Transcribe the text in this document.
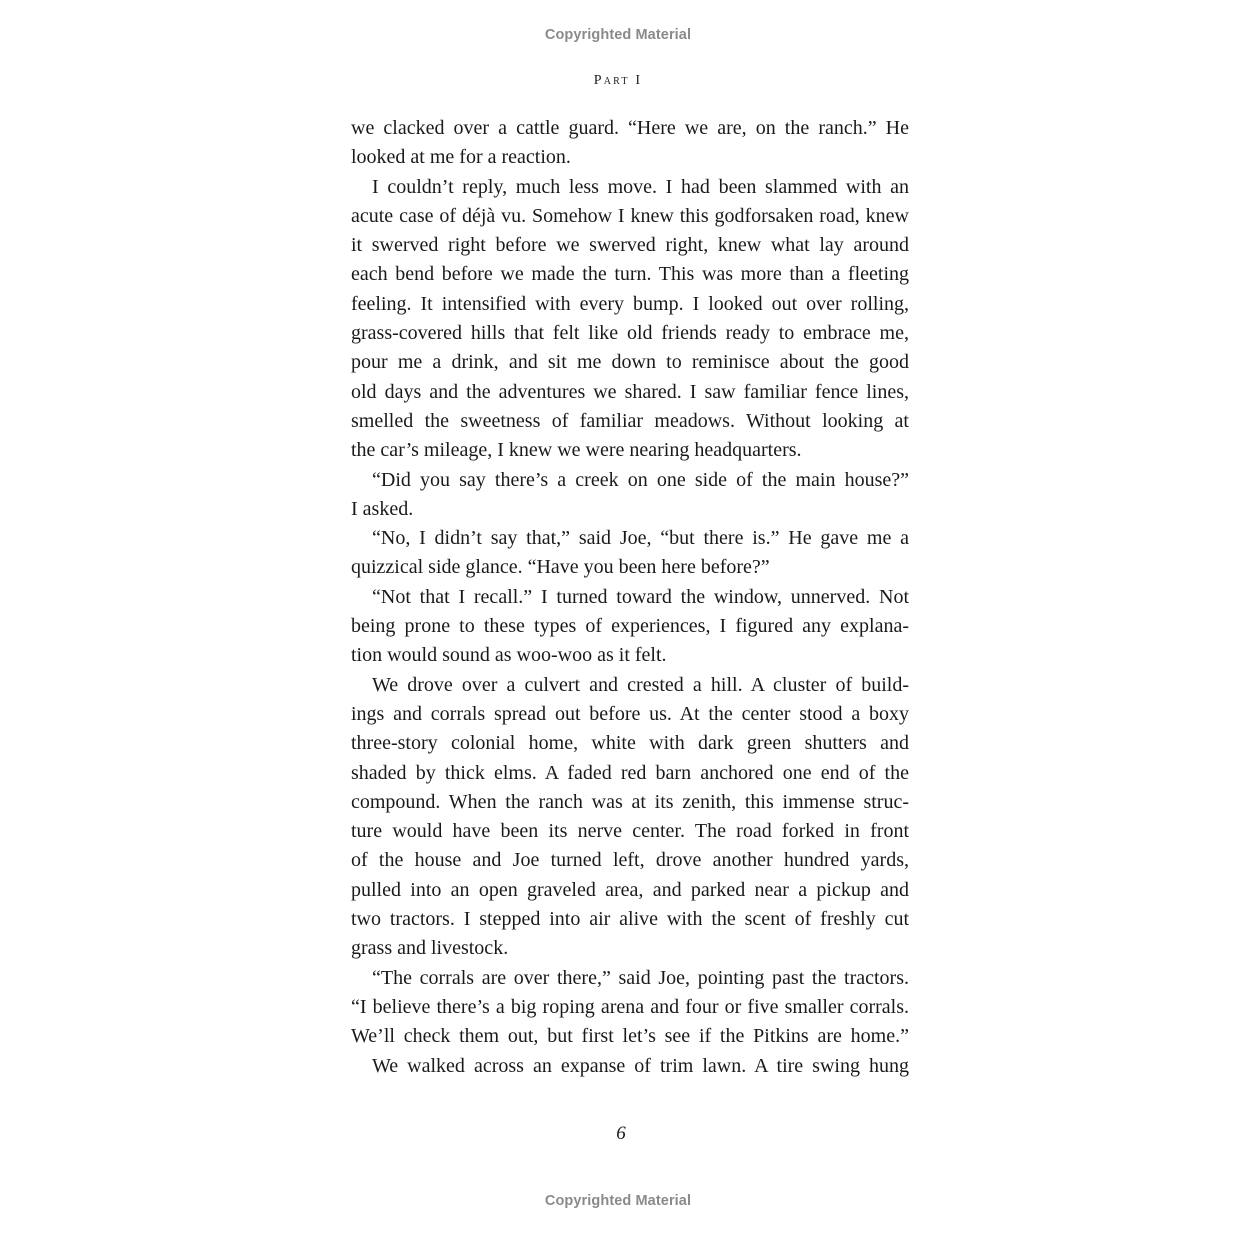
Copyrighted Material
Part I
we clacked over a cattle guard. “Here we are, on the ranch.” He
looked at me for a reaction.
I couldn’t reply, much less move. I had been slammed with an
acute case of déjà vu. Somehow I knew this godforsaken road, knew
it swerved right before we swerved right, knew what lay around
each bend before we made the turn. This was more than a fleeting
feeling. It intensified with every bump. I looked out over rolling,
grass-covered hills that felt like old friends ready to embrace me,
pour me a drink, and sit me down to reminisce about the good
old days and the adventures we shared. I saw familiar fence lines,
smelled the sweetness of familiar meadows. Without looking at
the car’s mileage, I knew we were nearing headquarters.
“Did you say there’s a creek on one side of the main house?”
I asked.
“No, I didn’t say that,” said Joe, “but there is.” He gave me a
quizzical side glance. “Have you been here before?”
“Not that I recall.” I turned toward the window, unnerved. Not
being prone to these types of experiences, I figured any explana-
tion would sound as woo-woo as it felt.
We drove over a culvert and crested a hill. A cluster of build-
ings and corrals spread out before us. At the center stood a boxy
three-story colonial home, white with dark green shutters and
shaded by thick elms. A faded red barn anchored one end of the
compound. When the ranch was at its zenith, this immense struc-
ture would have been its nerve center. The road forked in front
of the house and Joe turned left, drove another hundred yards,
pulled into an open graveled area, and parked near a pickup and
two tractors. I stepped into air alive with the scent of freshly cut
grass and livestock.
“The corrals are over there,” said Joe, pointing past the tractors.
“I believe there’s a big roping arena and four or five smaller corrals.
We’ll check them out, but first let’s see if the Pitkins are home.”
We walked across an expanse of trim lawn. A tire swing hung
6
Copyrighted Material
